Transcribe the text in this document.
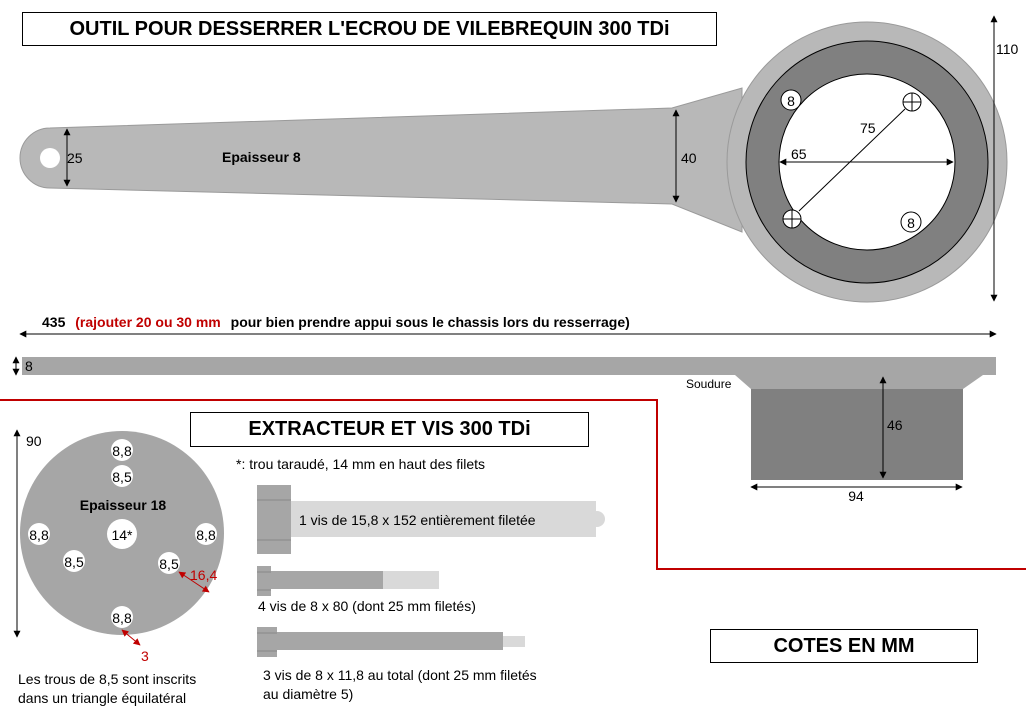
OUTIL POUR DESSERRER L'ECROU DE VILEBREQUIN 300 TDi
EXTRACTEUR ET VIS 300 TDi
COTES EN MM
8
8
25	Epaisseur 8	40
110
65
75
435 (rajouter 20 ou 30 mm pour bien prendre appui sous le chassis lors du resserrage)
8
Soudure
46
94
14*
8,8
8,5
8,8	8,8
8,5	8,5
8,8
Epaisseur 18
90
16,4
3
Les trous de 8,5 sont inscrits
dans un triangle équilatéral
*: trou taraudé, 14 mm en haut des filets
1 vis de 15,8 x 152 entièrement filetée
4 vis de 8 x 80 (dont 25 mm filetés)
3 vis de 8 x 11,8 au total (dont 25 mm filetés
au diamètre 5)
